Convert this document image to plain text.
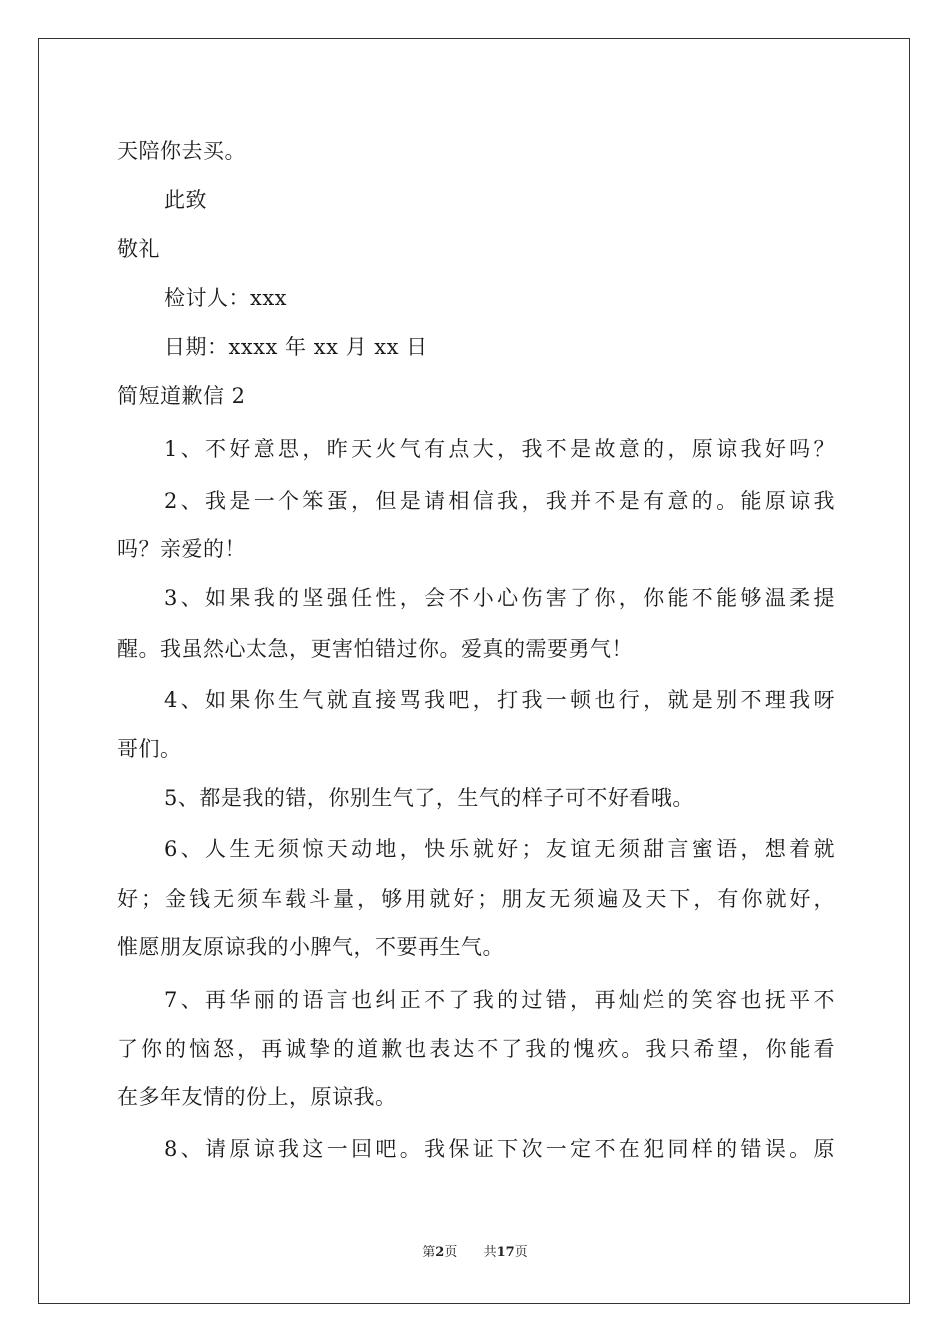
天陪你去买。
此致
敬礼
检讨人：xxx
日期：xxxx 年 xx 月 xx 日
简短道歉信 2
1、不好意思，昨天火气有点大，我不是故意的，原谅我好吗？
2、我是一个笨蛋，但是请相信我，我并不是有意的。能原谅我
吗？亲爱的！
3、如果我的坚强任性，会不小心伤害了你，你能不能够温柔提
醒。我虽然心太急，更害怕错过你。爱真的需要勇气！
4、如果你生气就直接骂我吧，打我一顿也行，就是别不理我呀
哥们。
5、都是我的错，你别生气了，生气的样子可不好看哦。
6、人生无须惊天动地，快乐就好；友谊无须甜言蜜语，想着就
好；金钱无须车载斗量，够用就好；朋友无须遍及天下，有你就好，
惟愿朋友原谅我的小脾气，不要再生气。
7、再华丽的语言也纠正不了我的过错，再灿烂的笑容也抚平不
了你的恼怒，再诚挚的道歉也表达不了我的愧疚。我只希望，你能看
在多年友情的份上，原谅我。
8、请原谅我这一回吧。我保证下次一定不在犯同样的错误。原
第2页 共17页
